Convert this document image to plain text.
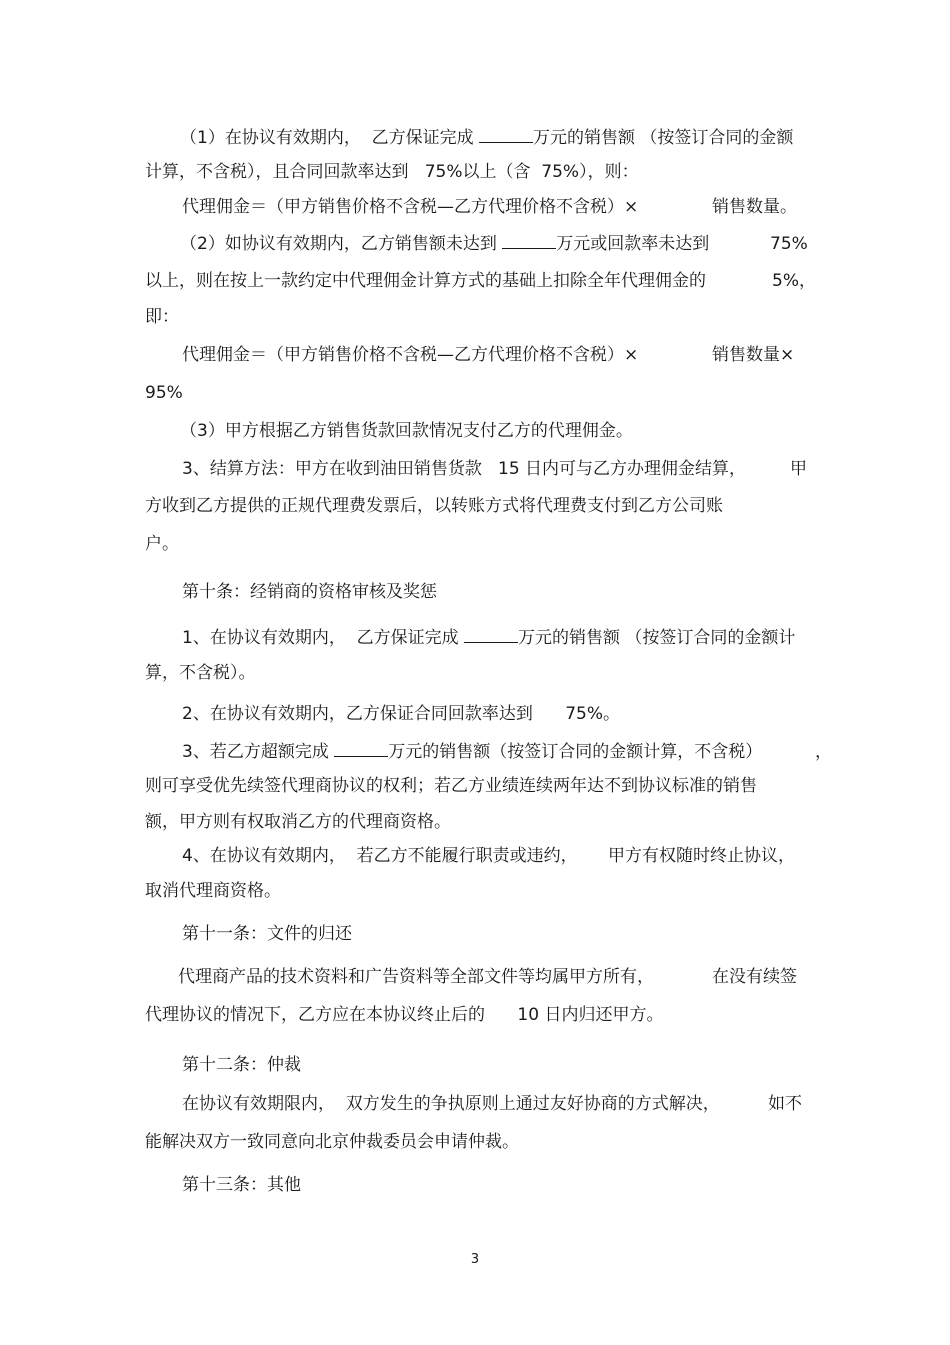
（1）在协议有效期内，  乙方保证完成	万元的销售额 （按签订合同的金额
计算，不含税），且合同回款率达到   75%以上（含  75%），则：
代理佣金＝（甲方销售价格不含税—乙方代理价格不含税）×	销售数量。
（2）如协议有效期内，乙方销售额未达到	万元或回款率未达到	75%
以上，则在按上一款约定中代理佣金计算方式的基础上扣除全年代理佣金的	5%，
即：
代理佣金＝（甲方销售价格不含税—乙方代理价格不含税）×	销售数量×
95%
（3）甲方根据乙方销售货款回款情况支付乙方的代理佣金。
3、结算方法：甲方在收到油田销售货款   15 日内可与乙方办理佣金结算，	甲
方收到乙方提供的正规代理费发票后，以转账方式将代理费支付到乙方公司账
户。
第十条：经销商的资格审核及奖惩
1、在协议有效期内，  乙方保证完成	万元的销售额 （按签订合同的金额计
算，不含税）。
2、在协议有效期内，乙方保证合同回款率达到      75%。
3、若乙方超额完成	万元的销售额（按签订合同的金额计算，不含税）	，
则可享受优先续签代理商协议的权利；若乙方业绩连续两年达不到协议标准的销售
额，甲方则有权取消乙方的代理商资格。
4、在协议有效期内，  若乙方不能履行职责或违约， 甲方有权随时终止协议，
取消代理商资格。
第十一条：文件的归还
代理商产品的技术资料和广告资料等全部文件等均属甲方所有，	在没有续签
代理协议的情况下，乙方应在本协议终止后的      10 日内归还甲方。
第十二条：仲裁
在协议有效期限内，  双方发生的争执原则上通过友好协商的方式解决，	如不
能解决双方一致同意向北京仲裁委员会申请仲裁。
第十三条：其他
3
